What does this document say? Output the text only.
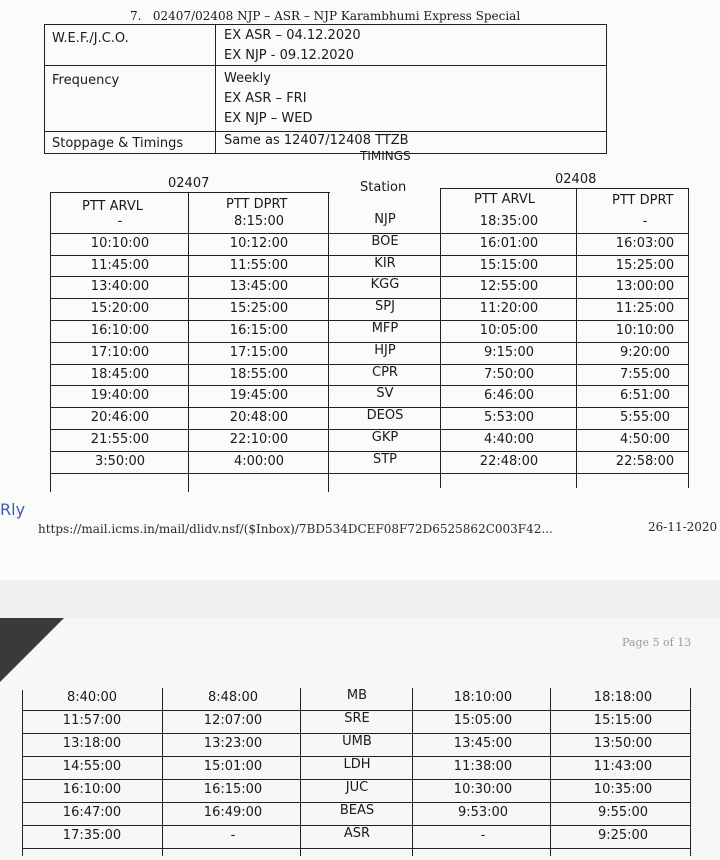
7. 02407/02408 NJP – ASR – NJP Karambhumi Express Special
W.E.F./J.C.O.	EX ASR – 04.12.2020
EX NJP - 09.12.2020
Frequency	Weekly
EX ASR – FRI
EX NJP – WED
Stoppage & Timings	Same as 12407/12408 TTZB
TIMINGS
02407	02408
Station
PTT ARVL	PTT DPRT	PTT ARVL	PTT DPRT
-	8:15:00	NJP	18:35:00	-
10:10:00	10:12:00	BOE	16:01:00	16:03:00
11:45:00	11:55:00	KIR	15:15:00	15:25:00
13:40:00	13:45:00	KGG	12:55:00	13:00:00
15:20:00	15:25:00	SPJ	11:20:00	11:25:00
16:10:00	16:15:00	MFP	10:05:00	10:10:00
17:10:00	17:15:00	HJP	9:15:00	9:20:00
18:45:00	18:55:00	CPR	7:50:00	7:55:00
19:40:00	19:45:00	SV	6:46:00	6:51:00
20:46:00	20:48:00	DEOS	5:53:00	5:55:00
21:55:00	22:10:00	GKP	4:40:00	4:50:00
3:50:00	4:00:00	STP	22:48:00	22:58:00
Rly
https://mail.icms.in/mail/dlidv.nsf/($Inbox)/7BD534DCEF08F72D6525862C003F42...	26-11-2020
Page 5 of 13
8:40:00	8:48:00	MB	18:10:00	18:18:00
11:57:00	12:07:00	SRE	15:05:00	15:15:00
13:18:00	13:23:00	UMB	13:45:00	13:50:00
14:55:00	15:01:00	LDH	11:38:00	11:43:00
16:10:00	16:15:00	JUC	10:30:00	10:35:00
16:47:00	16:49:00	BEAS	9:53:00	9:55:00
17:35:00	-	ASR	-	9:25:00
